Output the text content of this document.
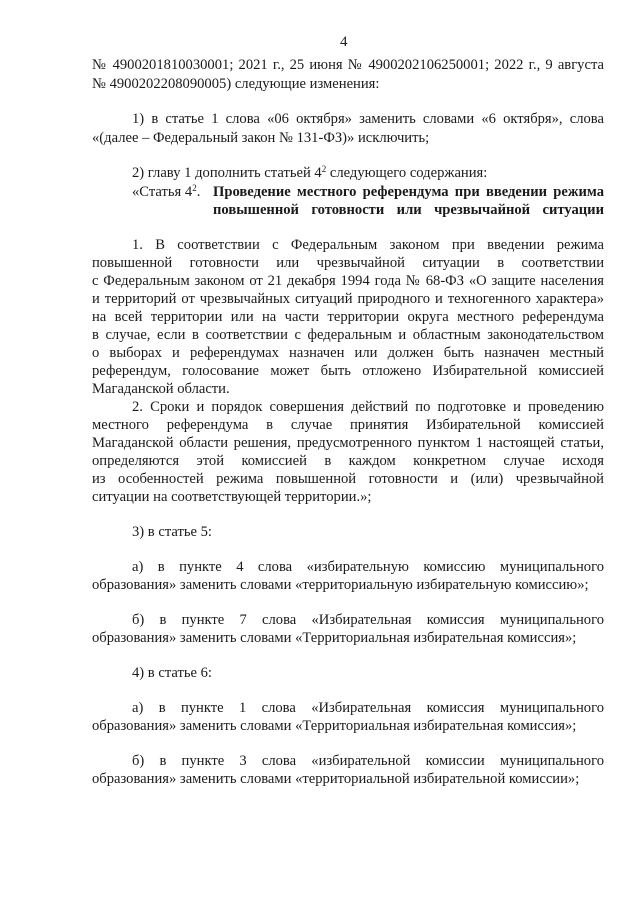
4
№ 4900201810030001; 2021 г., 25 июня № 4900202106250001; 2022 г., 9 августа
№ 4900202208090005) следующие изменения:
1) в статье 1 слова «06 октября» заменить словами «6 октября», слова
«(далее – Федеральный закон № 131-ФЗ)» исключить;
2) главу 1 дополнить статьей $4^2$ следующего содержания:
«Статья $4^2$. Проведение местного референдума при введении режима
повышенной готовности или чрезвычайной ситуации
1. В соответствии с Федеральным законом при введении режима
повышенной готовности или чрезвычайной ситуации в соответствии
с Федеральным законом от 21 декабря 1994 года № 68-ФЗ «О защите населения
и территорий от чрезвычайных ситуаций природного и техногенного характера»
на всей территории или на части территории округа местного референдума
в случае, если в соответствии с федеральным и областным законодательством
о выборах и референдумах назначен или должен быть назначен местный
референдум, голосование может быть отложено Избирательной комиссией
Магаданской области.
2. Сроки и порядок совершения действий по подготовке и проведению
местного референдума в случае принятия Избирательной комиссией
Магаданской области решения, предусмотренного пунктом 1 настоящей статьи,
определяются этой комиссией в каждом конкретном случае исходя
из особенностей режима повышенной готовности и (или) чрезвычайной
ситуации на соответствующей территории.»;
3) в статье 5:
а) в пункте 4 слова «избирательную комиссию муниципального
образования» заменить словами «территориальную избирательную комиссию»;
б) в пункте 7 слова «Избирательная комиссия муниципального
образования» заменить словами «Территориальная избирательная комиссия»;
4) в статье 6:
а) в пункте 1 слова «Избирательная комиссия муниципального
образования» заменить словами «Территориальная избирательная комиссия»;
б) в пункте 3 слова «избирательной комиссии муниципального
образования» заменить словами «территориальной избирательной комиссии»;
